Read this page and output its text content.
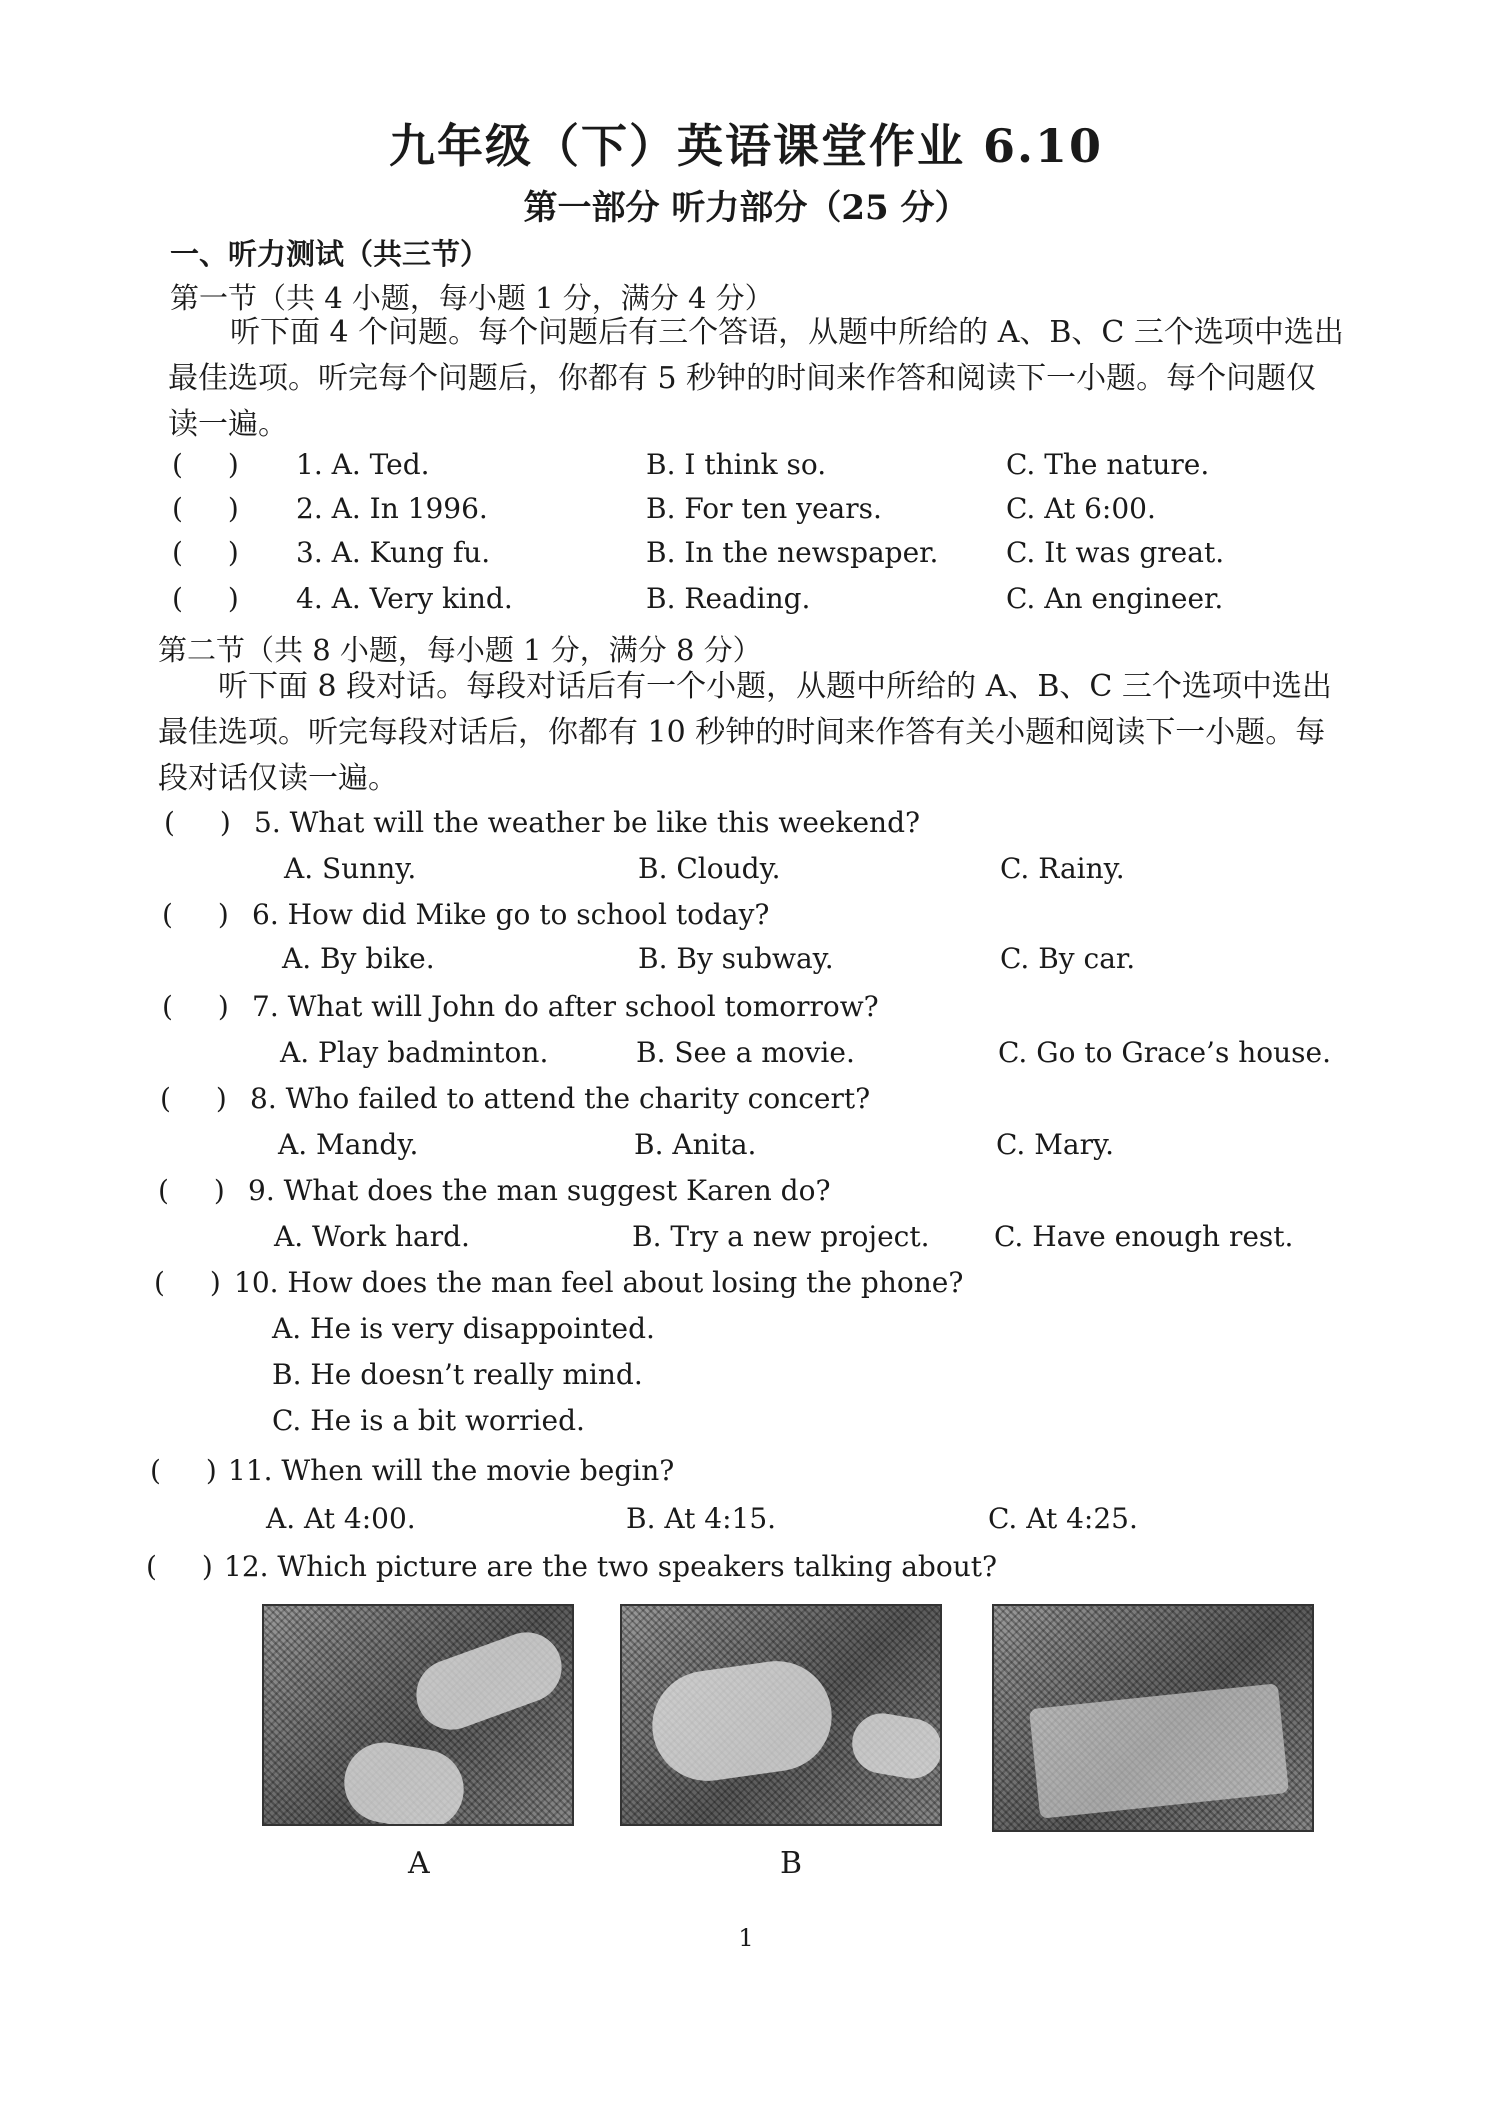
九年级（下）英语课堂作业 6.10
第一部分 听力部分（25 分）
一、听力测试（共三节）
第一节（共 4 小题，每小题 1 分，满分 4 分）
听下面 4 个问题。每个问题后有三个答语，从题中所给的 A、B、C 三个选项中选出
最佳选项。听完每个问题后，你都有 5 秒钟的时间来作答和阅读下一小题。每个问题仅
读一遍。
( ) 1. A. Ted.	B. I think so.	C. The nature.
( ) 2. A. In 1996.	B. For ten years.	C. At 6:00.
( ) 3. A. Kung fu.	B. In the newspaper. C. It was great.
( ) 4. A. Very kind.	B. Reading.	C. An engineer.
第二节（共 8 小题，每小题 1 分，满分 8 分）
听下面 8 段对话。每段对话后有一个小题，从题中所给的 A、B、C 三个选项中选出
最佳选项。听完每段对话后，你都有 10 秒钟的时间来作答有关小题和阅读下一小题。每
段对话仅读一遍。
( ) 5. What will the weather be like this weekend?
A. Sunny.	B. Cloudy.	C. Rainy.
( ) 6. How did Mike go to school today?
A. By bike.	B. By subway.	C. By car.
( ) 7. What will John do after school tomorrow?
A. Play badminton.	B. See a movie.	C. Go to Grace’s house.
( ) 8. Who failed to attend the charity concert?
A. Mandy.	B. Anita.	C. Mary.
( ) 9. What does the man suggest Karen do?
A. Work hard.	B. Try a new project. C. Have enough rest.
( )
10. How does the man feel about losing the phone?
A. He is very disappointed.
B. He doesn’t really mind.
C. He is a bit worried.
( )
11. When will the movie begin?
A. At 4:00.	B. At 4:15.	C. At 4:25.
( )
12. Which picture are the two speakers talking about?
A	B
1
